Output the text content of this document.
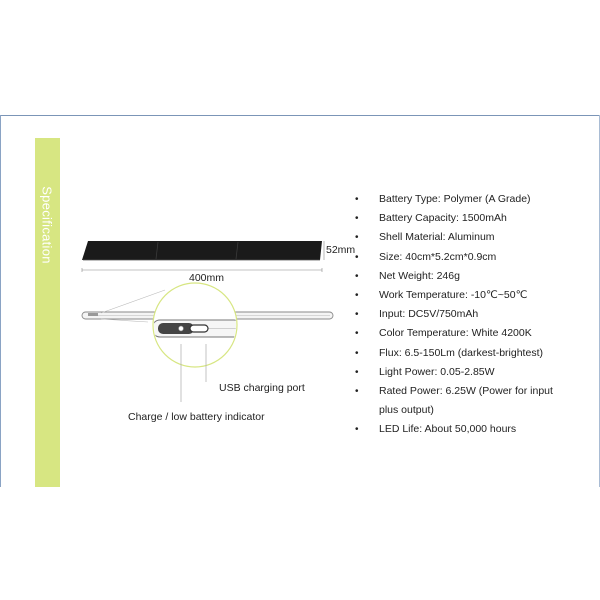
Specification
400mm
52mm
USB charging port
Charge / low battery indicator
• Battery Type: Polymer (A Grade)
• Battery Capacity: 1500mAh
• Shell Material: Aluminum
• Size: 40cm*5.2cm*0.9cm
• Net Weight: 246g
• Work Temperature: -10℃~50℃
• Input: DC5V/750mAh
• Color Temperature: White 4200K
• Flux: 6.5-150Lm (darkest-brightest)
• Light Power: 0.05-2.85W
• Rated Power: 6.25W (Power for input plus output)
• LED Life: About 50,000 hours
